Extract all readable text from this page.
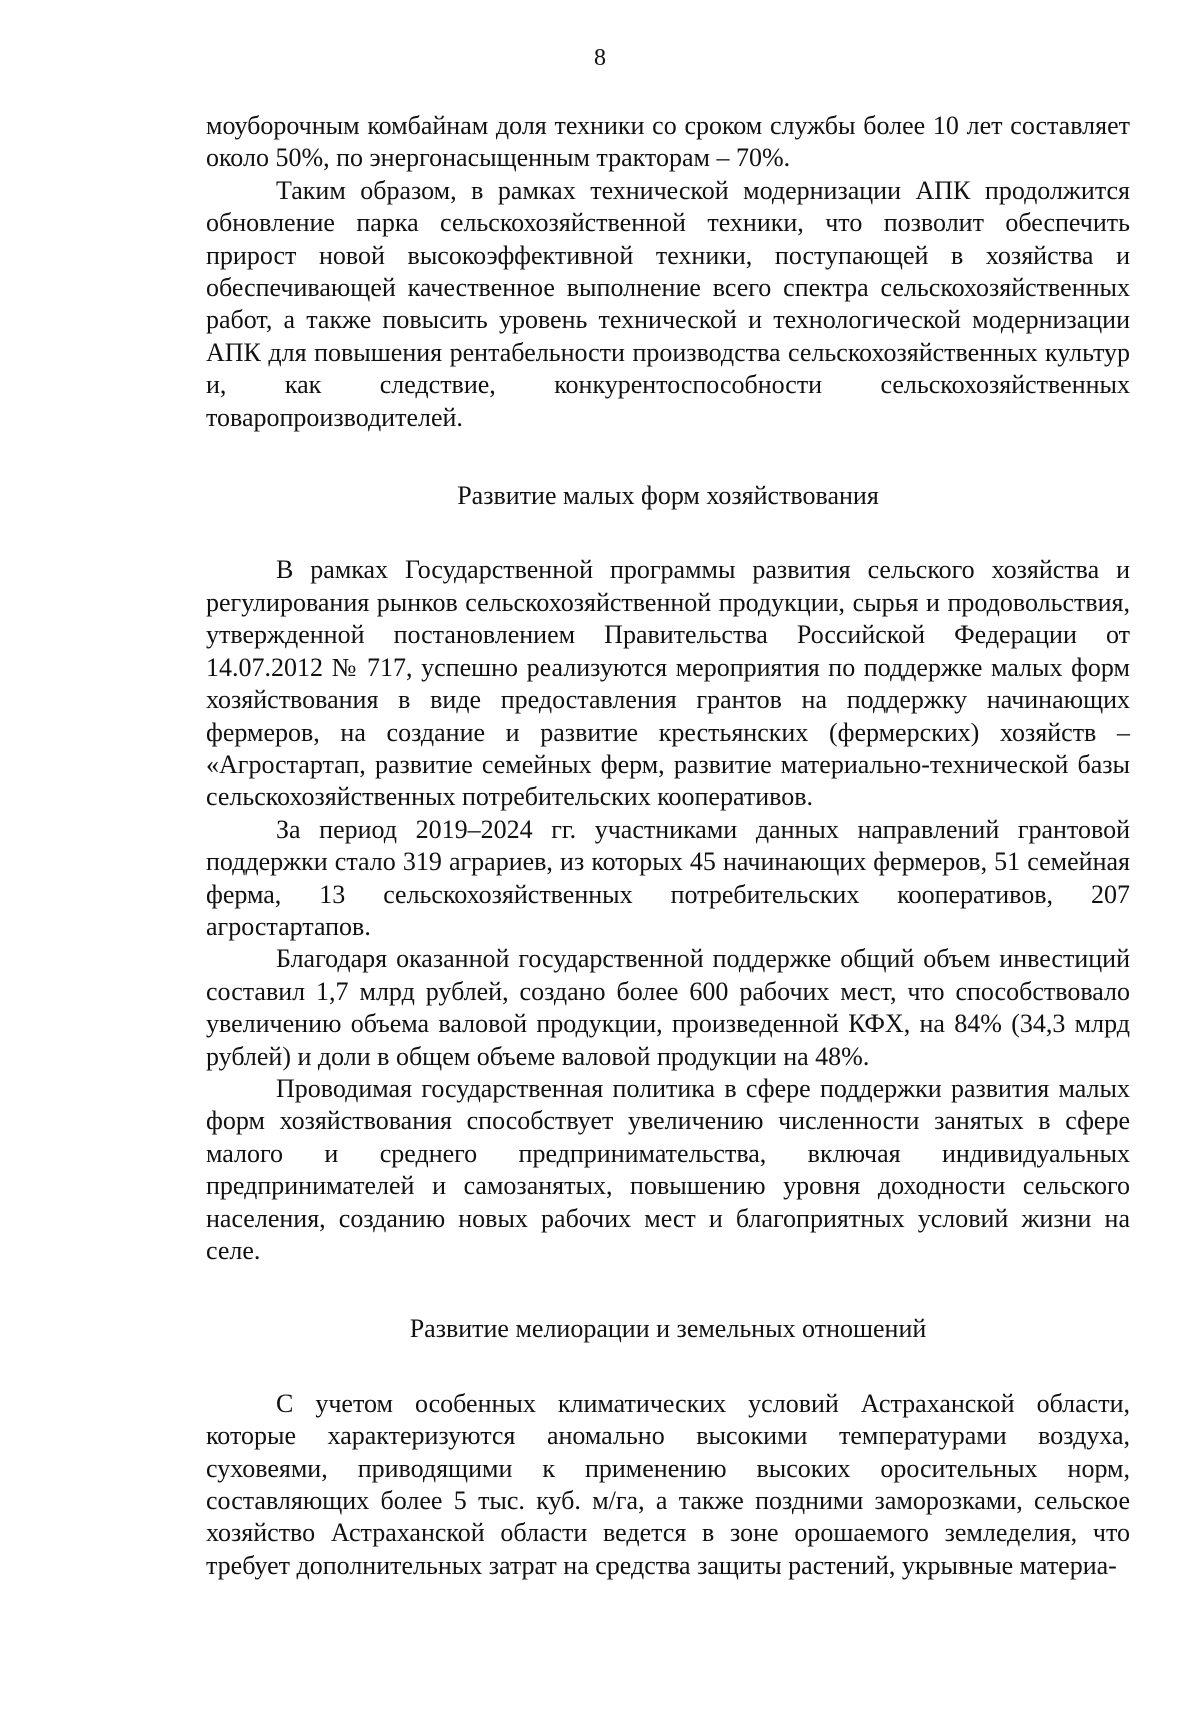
8

моуборочным комбайнам доля техники со сроком службы более 10 лет составляет около 50%, по энергонасыщенным тракторам – 70%.

Таким образом, в рамках технической модернизации АПК продолжится обновление парка сельскохозяйственной техники, что позволит обеспечить прирост новой высокоэффективной техники, поступающей в хозяйства и обеспечивающей качественное выполнение всего спектра сельскохозяйственных работ, а также повысить уровень технической и технологической модернизации АПК для повышения рентабельности производства сельскохозяйственных культур и, как следствие, конкурентоспособности сельскохозяйственных товаропроизводителей.

Развитие малых форм хозяйствования

В рамках Государственной программы развития сельского хозяйства и регулирования рынков сельскохозяйственной продукции, сырья и продовольствия, утвержденной постановлением Правительства Российской Федерации от 14.07.2012 № 717, успешно реализуются мероприятия по поддержке малых форм хозяйствования в виде предоставления грантов на поддержку начинающих фермеров, на создание и развитие крестьянских (фермерских) хозяйств – «Агростартап, развитие семейных ферм, развитие материально-технической базы сельскохозяйственных потребительских кооперативов.

За период 2019–2024 гг. участниками данных направлений грантовой поддержки стало 319 аграриев, из которых 45 начинающих фермеров, 51 семейная ферма, 13 сельскохозяйственных потребительских кооперативов, 207 агростартапов.

Благодаря оказанной государственной поддержке общий объем инвестиций составил 1,7 млрд рублей, создано более 600 рабочих мест, что способствовало увеличению объема валовой продукции, произведенной КФХ, на 84% (34,3 млрд рублей) и доли в общем объеме валовой продукции на 48%.

Проводимая государственная политика в сфере поддержки развития малых форм хозяйствования способствует увеличению численности занятых в сфере малого и среднего предпринимательства, включая индивидуальных предпринимателей и самозанятых, повышению уровня доходности сельского населения, созданию новых рабочих мест и благоприятных условий жизни на селе.

Развитие мелиорации и земельных отношений

С учетом особенных климатических условий Астраханской области, которые характеризуются аномально высокими температурами воздуха, суховеями, приводящими к применению высоких оросительных норм, составляющих более 5 тыс. куб. м/га, а также поздними заморозками, сельское хозяйство Астраханской области ведется в зоне орошаемого земледелия, что требует дополнительных затрат на средства защиты растений, укрывные материа-
